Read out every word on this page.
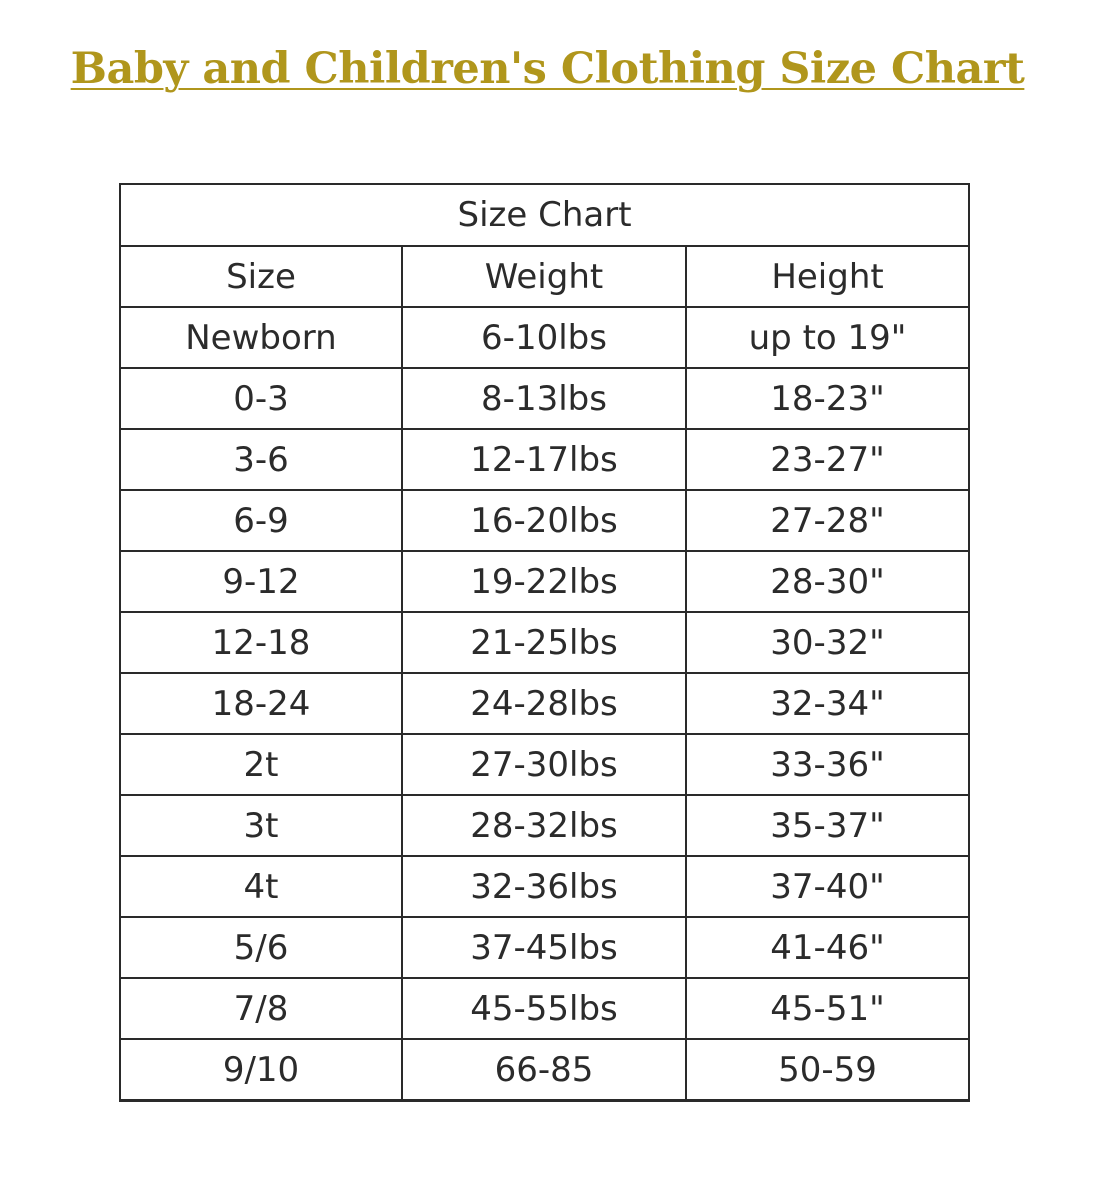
Baby and Children's Clothing Size Chart
Size Chart		
Size	Weight	Height
Newborn	6-10lbs	up to 19"
0-3	8-13lbs	18-23"
3-6	12-17lbs	23-27"
6-9	16-20lbs	27-28"
9-12	19-22lbs	28-30"
12-18	21-25lbs	30-32"
18-24	24-28lbs	32-34"
2t	27-30lbs	33-36"
3t	28-32lbs	35-37"
4t	32-36lbs	37-40"
5/6	37-45lbs	41-46"
7/8	45-55lbs	45-51"
9/10	66-85	50-59
